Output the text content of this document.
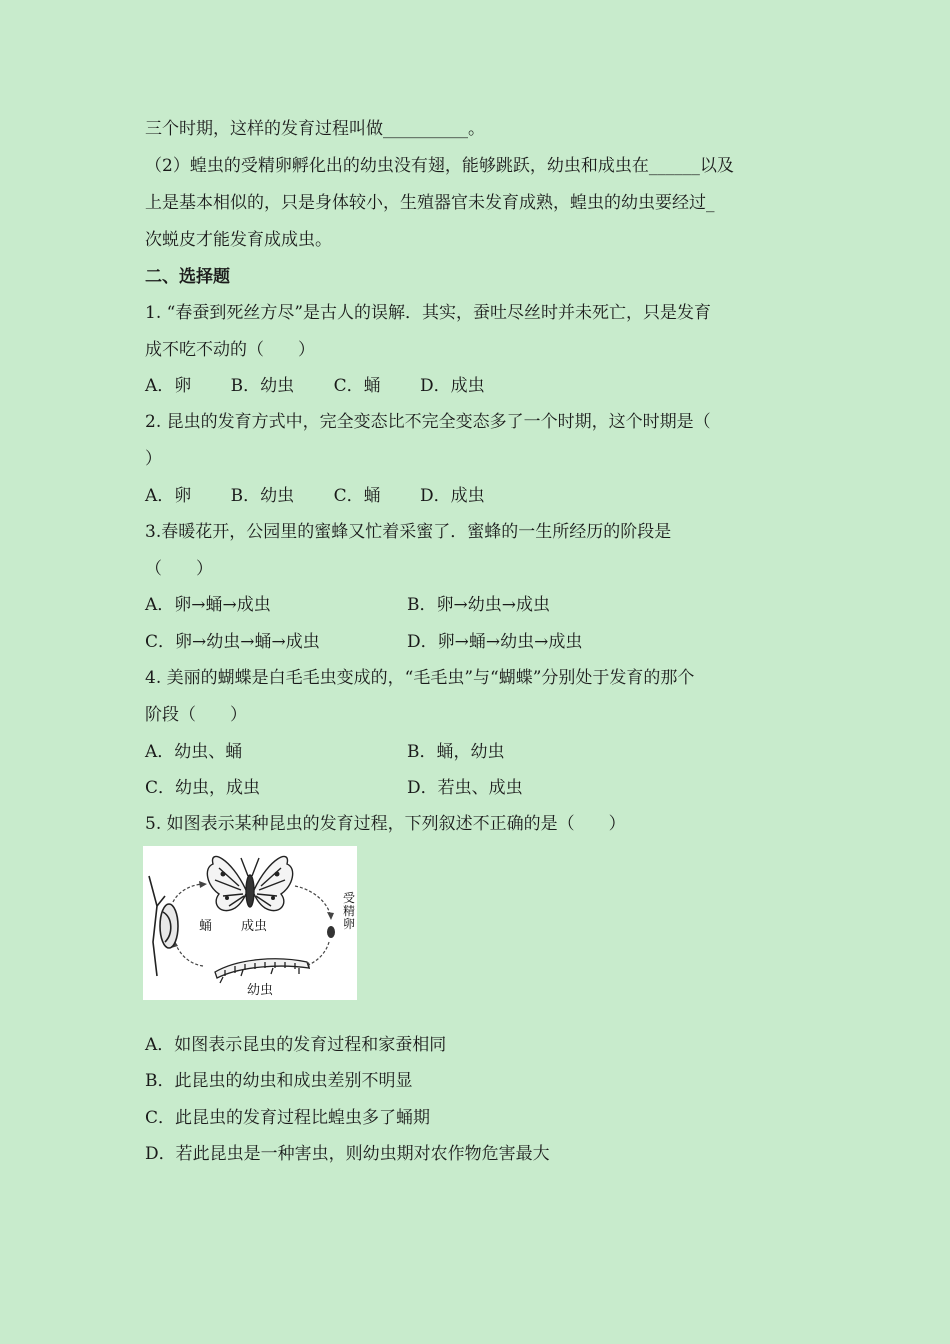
三个时期，这样的发育过程叫做__________。
（2）蝗虫的受精卵孵化出的幼虫没有翅，能够跳跃，幼虫和成虫在______以及
上是基本相似的，只是身体较小，生殖器官未发育成熟，蝗虫的幼虫要经过_
次蜕皮才能发育成成虫。
二、选择题
1. “春蚕到死丝方尽”是古人的误解．其实，蚕吐尽丝时并未死亡，只是发育
成不吃不动的（　　）
A．卵　　 B．幼虫　　 C．蛹　　 D．成虫
2. 昆虫的发育方式中，完全变态比不完全变态多了一个时期，这个时期是（
）
A．卵　　 B．幼虫　　 C．蛹　　 D．成虫
3.春暖花开，公园里的蜜蜂又忙着采蜜了．蜜蜂的一生所经历的阶段是
（　　）
A．卵→蛹→成虫	B．卵→幼虫→成虫
C．卵→幼虫→蛹→成虫	D．卵→蛹→幼虫→成虫
4. 美丽的蝴蝶是白毛毛虫变成的，“毛毛虫”与“蝴蝶”分别处于发育的那个
阶段（　　）
A．幼虫、蛹	B．蛹，幼虫
C．幼虫，成虫	D．若虫、成虫
5. 如图表示某种昆虫的发育过程，下列叙述不正确的是（　　）
成虫
蛹
受精卵
幼虫
A．如图表示昆虫的发育过程和家蚕相同
B．此昆虫的幼虫和成虫差别不明显
C．此昆虫的发育过程比蝗虫多了蛹期
D．若此昆虫是一种害虫，则幼虫期对农作物危害最大
